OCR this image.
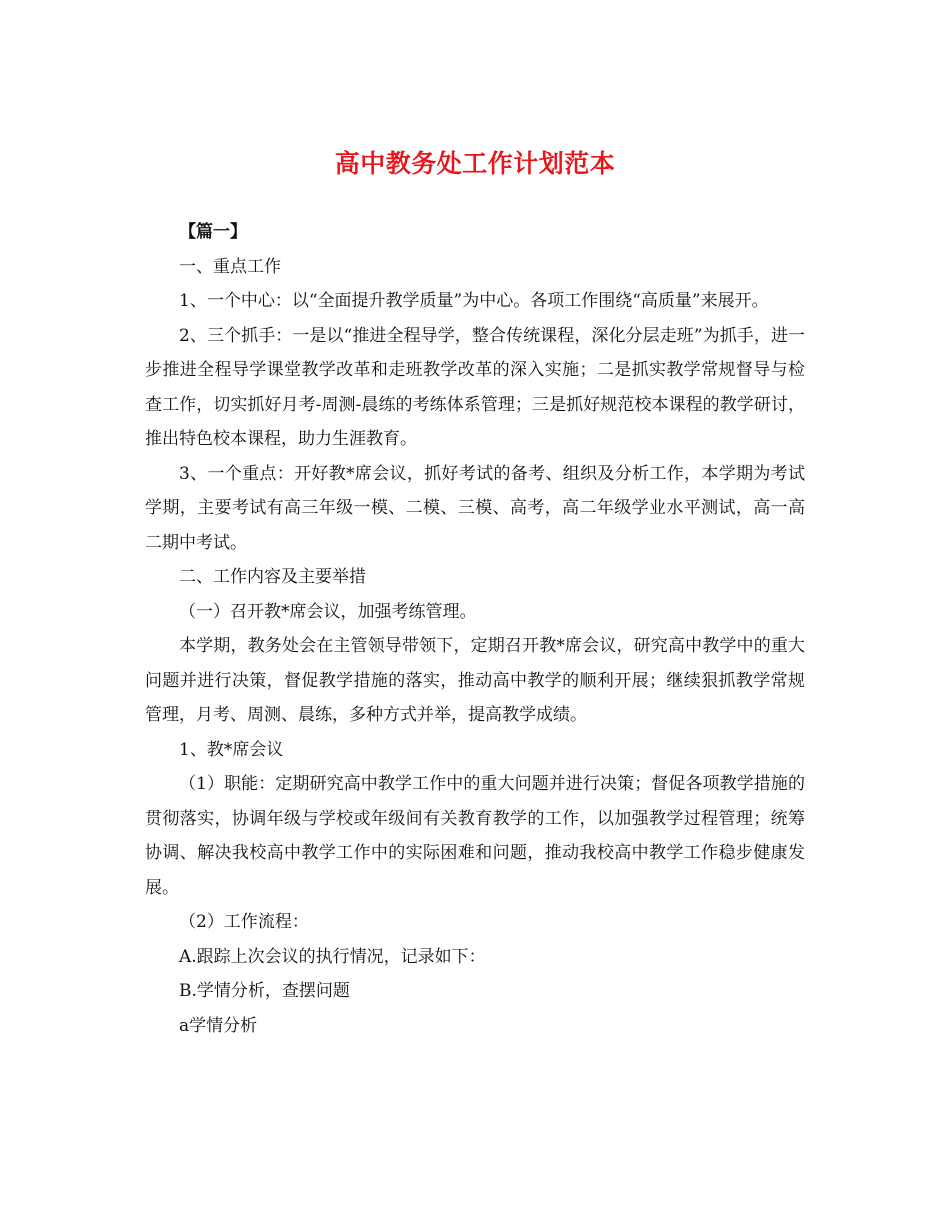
高中教务处工作计划范本

【篇一】

一、重点工作

1、一个中心：以“全面提升教学质量”为中心。各项工作围绕“高质量”来展开。

2、三个抓手：一是以“推进全程导学，整合传统课程，深化分层走班”为抓手，进一步推进全程导学课堂教学改革和走班教学改革的深入实施；二是抓实教学常规督导与检查工作，切实抓好月考-周测-晨练的考练体系管理；三是抓好规范校本课程的教学研讨，推出特色校本课程，助力生涯教育。

3、一个重点：开好教*席会议，抓好考试的备考、组织及分析工作，本学期为考试学期，主要考试有高三年级一模、二模、三模、高考，高二年级学业水平测试，高一高二期中考试。

二、工作内容及主要举措

（一）召开教*席会议，加强考练管理。

本学期，教务处会在主管领导带领下，定期召开教*席会议，研究高中教学中的重大问题并进行决策，督促教学措施的落实，推动高中教学的顺利开展；继续狠抓教学常规管理，月考、周测、晨练，多种方式并举，提高教学成绩。

1、教*席会议

（1）职能：定期研究高中教学工作中的重大问题并进行决策；督促各项教学措施的贯彻落实，协调年级与学校或年级间有关教育教学的工作，以加强教学过程管理；统筹协调、解决我校高中教学工作中的实际困难和问题，推动我校高中教学工作稳步健康发展。

（2）工作流程：

A.跟踪上次会议的执行情况，记录如下：

B.学情分析，查摆问题

a学情分析
